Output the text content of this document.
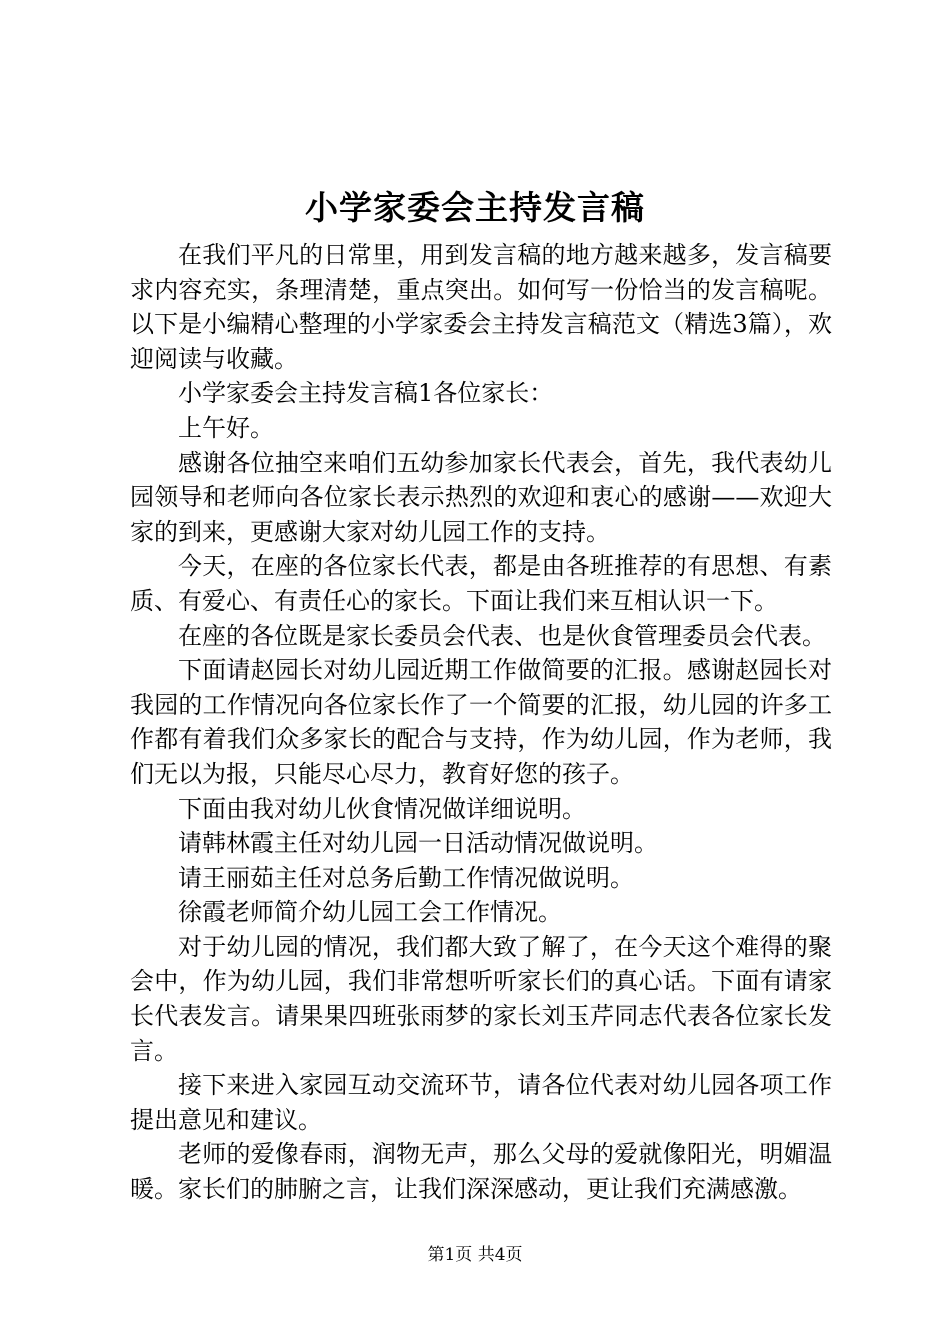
小学家委会主持发言稿

在我们平凡的日常里，用到发言稿的地方越来越多，发言稿要求内容充实，条理清楚，重点突出。如何写一份恰当的发言稿呢。以下是小编精心整理的小学家委会主持发言稿范文（精选3篇），欢迎阅读与收藏。

小学家委会主持发言稿1各位家长：

上午好。

感谢各位抽空来咱们五幼参加家长代表会，首先，我代表幼儿园领导和老师向各位家长表示热烈的欢迎和衷心的感谢——欢迎大家的到来，更感谢大家对幼儿园工作的支持。

今天，在座的各位家长代表，都是由各班推荐的有思想、有素质、有爱心、有责任心的家长。下面让我们来互相认识一下。

在座的各位既是家长委员会代表、也是伙食管理委员会代表。

下面请赵园长对幼儿园近期工作做简要的汇报。感谢赵园长对我园的工作情况向各位家长作了一个简要的汇报，幼儿园的许多工作都有着我们众多家长的配合与支持，作为幼儿园，作为老师，我们无以为报，只能尽心尽力，教育好您的孩子。

下面由我对幼儿伙食情况做详细说明。

请韩林霞主任对幼儿园一日活动情况做说明。

请王丽茹主任对总务后勤工作情况做说明。

徐霞老师简介幼儿园工会工作情况。

对于幼儿园的情况，我们都大致了解了，在今天这个难得的聚会中，作为幼儿园，我们非常想听听家长们的真心话。下面有请家长代表发言。请果果四班张雨梦的家长刘玉芹同志代表各位家长发言。

接下来进入家园互动交流环节，请各位代表对幼儿园各项工作提出意见和建议。

老师的爱像春雨，润物无声，那么父母的爱就像阳光，明媚温暖。家长们的肺腑之言，让我们深深感动，更让我们充满感激。

第1页 共4页
